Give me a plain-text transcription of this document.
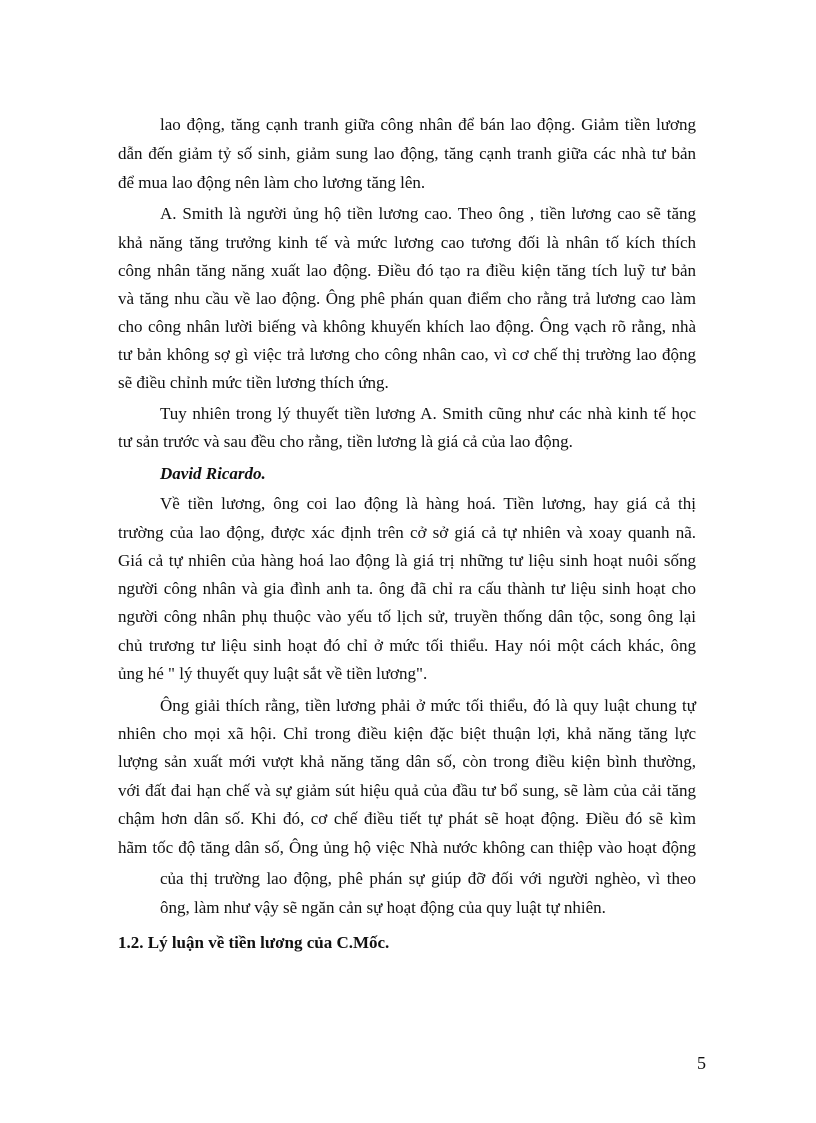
lao động, tăng cạnh tranh giữa công nhân để bán lao động. Giảm tiền lương
dẫn đến giảm tỷ số sinh, giảm sung lao động, tăng cạnh tranh giữa các nhà tư bản
để mua lao động nên làm cho lương tăng lên.
A. Smith là người ủng hộ tiền lương cao. Theo ông , tiền lương cao sẽ tăng
khả năng tăng trưởng kinh tế và mức lương cao tương đối là nhân tố kích thích
công nhân tăng năng xuất lao động. Điều đó tạo ra điều kiện tăng tích luỹ tư bản
và tăng nhu cầu về lao động. Ông phê phán quan điểm cho rằng trả lương cao làm
cho công nhân lười biếng và không khuyến khích lao động. Ông vạch rõ rằng, nhà
tư bản không sợ gì việc trả lương cho công nhân cao, vì cơ chế thị trường lao động
sẽ điều chỉnh mức tiền lương thích ứng.
Tuy nhiên trong lý thuyết tiền lương A. Smith cũng như các nhà kinh tế học
tư sản trước và sau đều cho rằng, tiền lương là giá cả của lao động.
David Ricardo.
Về tiền lương, ông coi lao động là hàng hoá. Tiền lương, hay giá cả thị
trường của lao động, được xác định trên cở sở giá cả tự nhiên và xoay quanh nã.
Giá cả tự nhiên của hàng hoá lao động là giá trị những tư liệu sinh hoạt nuôi sống
người công nhân và gia đình anh ta. ông đã chỉ ra cấu thành tư liệu sinh hoạt cho
người công nhân phụ thuộc vào yếu tố lịch sử, truyền thống dân tộc, song ông lại
chủ trương tư liệu sinh hoạt đó chỉ ở mức tối thiểu. Hay nói một cách khác, ông
ủng hé " lý thuyết quy luật sắt về tiền lương".
Ông giải thích rằng, tiền lương phải ở mức tối thiểu, đó là quy luật chung tự
nhiên cho mọi xã hội. Chỉ trong điều kiện đặc biệt thuận lợi, khả năng tăng lực
lượng sản xuất mới vượt khả năng tăng dân số, còn trong điều kiện bình thường,
với đất đai hạn chế và sự giảm sút hiệu quả của đầu tư bổ sung, sẽ làm của cải tăng
chậm hơn dân số. Khi đó, cơ chế điều tiết tự phát sẽ hoạt động. Điều đó sẽ kìm
hãm tốc độ tăng dân số, Ông ủng hộ việc Nhà nước không can thiệp vào hoạt động
của thị trường lao động, phê phán sự giúp đỡ đối với người nghèo, vì theo
ông, làm như vậy sẽ ngăn cản sự hoạt động của quy luật tự nhiên.
1.2. Lý luận về tiền lương của C.Mốc.
5
